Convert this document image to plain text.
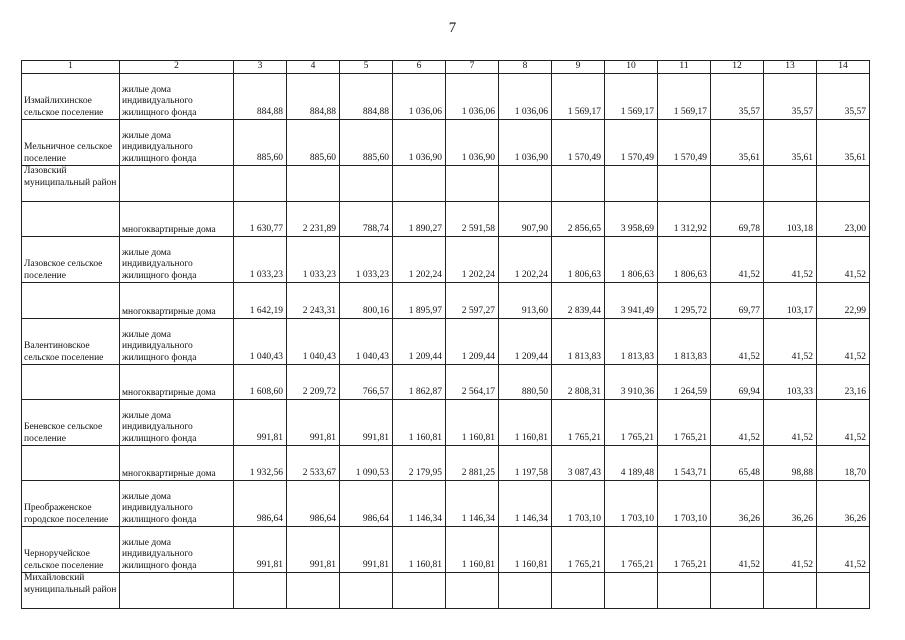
7
1	2	3	4	5	6	7	8	9	10	11	12	13	14
Измайлихинское сельское поселение	жилые дома индивидуального жилищного фонда	884,88	884,88	884,88	1 036,06	1 036,06	1 036,06	1 569,17	1 569,17	1 569,17	35,57	35,57	35,57
Мельничное сельское поселение	жилые дома индивидуального жилищного фонда	885,60	885,60	885,60	1 036,90	1 036,90	1 036,90	1 570,49	1 570,49	1 570,49	35,61	35,61	35,61
Лазовский муниципальный район													
	многоквартирные дома	1 630,77	2 231,89	788,74	1 890,27	2 591,58	907,90	2 856,65	3 958,69	1 312,92	69,78	103,18	23,00
Лазовское сельское поселение	жилые дома индивидуального жилищного фонда	1 033,23	1 033,23	1 033,23	1 202,24	1 202,24	1 202,24	1 806,63	1 806,63	1 806,63	41,52	41,52	41,52
	многоквартирные дома	1 642,19	2 243,31	800,16	1 895,97	2 597,27	913,60	2 839,44	3 941,49	1 295,72	69,77	103,17	22,99
Валентиновское сельское поселение	жилые дома индивидуального жилищного фонда	1 040,43	1 040,43	1 040,43	1 209,44	1 209,44	1 209,44	1 813,83	1 813,83	1 813,83	41,52	41,52	41,52
	многоквартирные дома	1 608,60	2 209,72	766,57	1 862,87	2 564,17	880,50	2 808,31	3 910,36	1 264,59	69,94	103,33	23,16
Беневское сельское поселение	жилые дома индивидуального жилищного фонда	991,81	991,81	991,81	1 160,81	1 160,81	1 160,81	1 765,21	1 765,21	1 765,21	41,52	41,52	41,52
	многоквартирные дома	1 932,56	2 533,67	1 090,53	2 179,95	2 881,25	1 197,58	3 087,43	4 189,48	1 543,71	65,48	98,88	18,70
Преображенское городское поселение	жилые дома индивидуального жилищного фонда	986,64	986,64	986,64	1 146,34	1 146,34	1 146,34	1 703,10	1 703,10	1 703,10	36,26	36,26	36,26
Черноручейское сельское поселение	жилые дома индивидуального жилищного фонда	991,81	991,81	991,81	1 160,81	1 160,81	1 160,81	1 765,21	1 765,21	1 765,21	41,52	41,52	41,52
Михайловский муниципальный район													
